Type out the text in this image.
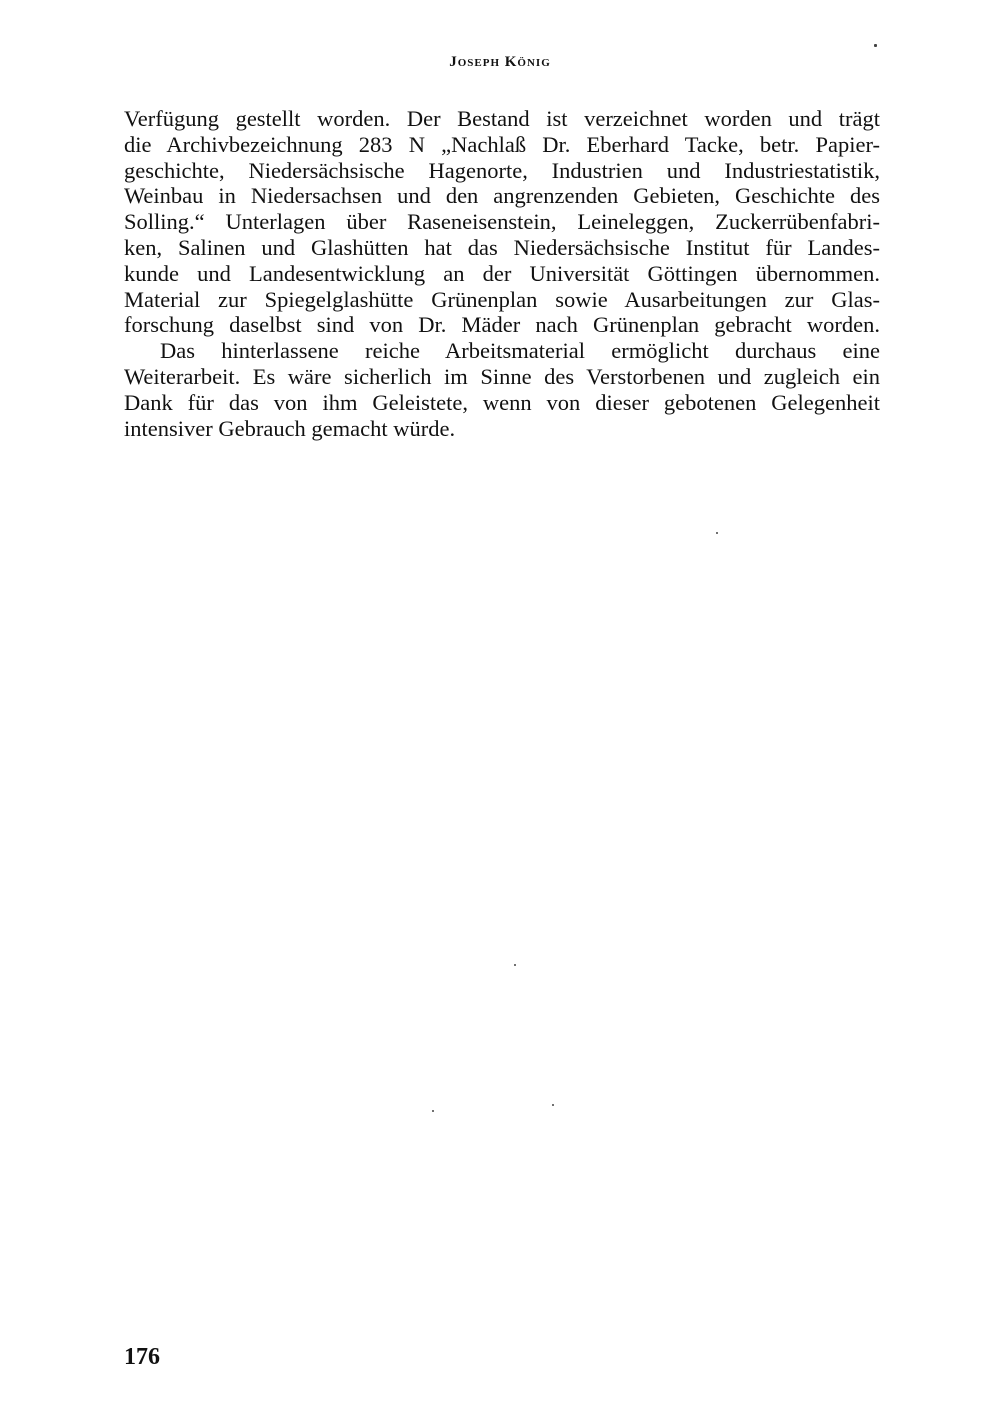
Joseph König

Verfügung gestellt worden. Der Bestand ist verzeichnet worden und trägt
die Archivbezeichnung 283 N „Nachlaß Dr. Eberhard Tacke, betr. Papier-
geschichte, Niedersächsische Hagenorte, Industrien und Industriestatistik,
Weinbau in Niedersachsen und den angrenzenden Gebieten, Geschichte des
Solling.“ Unterlagen über Raseneisenstein, Leineleggen, Zuckerrübenfabri-
ken, Salinen und Glashütten hat das Niedersächsische Institut für Landes-
kunde und Landesentwicklung an der Universität Göttingen übernommen.
Material zur Spiegelglashütte Grünenplan sowie Ausarbeitungen zur Glas-
forschung daselbst sind von Dr. Mäder nach Grünenplan gebracht worden.

Das hinterlassene reiche Arbeitsmaterial ermöglicht durchaus eine
Weiterarbeit. Es wäre sicherlich im Sinne des Verstorbenen und zugleich ein
Dank für das von ihm Geleistete, wenn von dieser gebotenen Gelegenheit
intensiver Gebrauch gemacht würde.

176
